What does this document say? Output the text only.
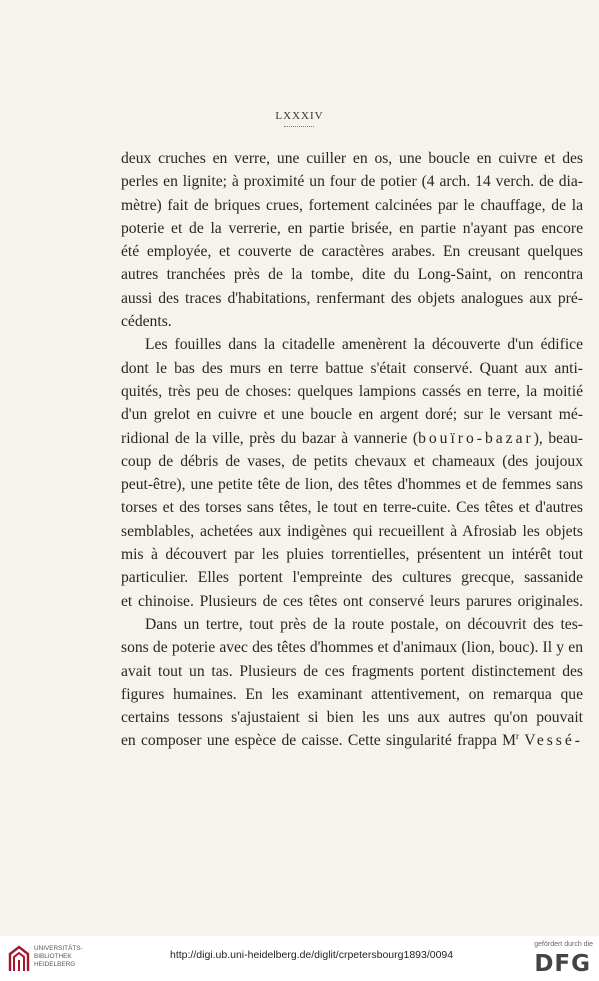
LXXXIV
deux cruches en verre, une cuiller en os, une boucle en cuivre et des
perles en lignite; à proximité un four de potier (4 arch. 14 verch. de dia-
mètre) fait de briques crues, fortement calcinées par le chauffage, de la
poterie et de la verrerie, en partie brisée, en partie n'ayant pas encore
été employée, et couverte de caractères arabes. En creusant quelques
autres tranchées près de la tombe, dite du Long-Saint, on rencontra
aussi des traces d'habitations, renfermant des objets analogues aux pré-
cédents.
Les fouilles dans la citadelle amenèrent la découverte d'un édifice
dont le bas des murs en terre battue s'était conservé. Quant aux anti-
quités, très peu de choses: quelques lampions cassés en terre, la moitié
d'un grelot en cuivre et une boucle en argent doré; sur le versant mé-
ridional de la ville, près du bazar à vannerie (bouïro-bazar), beau-
coup de débris de vases, de petits chevaux et chameaux (des joujoux
peut-être), une petite tête de lion, des têtes d'hommes et de femmes sans
torses et des torses sans têtes, le tout en terre-cuite. Ces têtes et d'autres
semblables, achetées aux indigènes qui recueillent à Afrosiab les objets
mis à découvert par les pluies torrentielles, présentent un intérêt tout
particulier. Elles portent l'empreinte des cultures grecque, sassanide
et chinoise. Plusieurs de ces têtes ont conservé leurs parures originales.
Dans un tertre, tout près de la route postale, on découvrit des tes-
sons de poterie avec des têtes d'hommes et d'animaux (lion, bouc). Il y en
avait tout un tas. Plusieurs de ces fragments portent distinctement des
figures humaines. En les examinant attentivement, on remarqua que
certains tessons s'ajustaient si bien les uns aux autres qu'on pouvait
en composer une espèce de caisse. Cette singularité frappa $M^r$ Vessé-
UNIVERSITÄTS-
BIBLIOTHEK
HEIDELBERG
http://digi.ub.uni-heidelberg.de/diglit/crpetersbourg1893/0094
gefördert durch die
DFG
